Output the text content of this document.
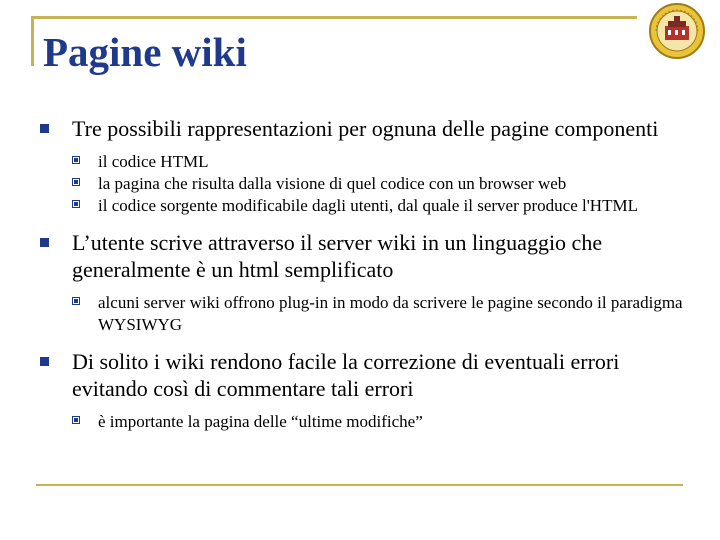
Pagine wiki
Tre possibili rappresentazioni per ognuna delle pagine componenti
il codice HTML
la pagina che risulta dalla visione di quel codice con un browser web
il codice sorgente modificabile dagli utenti, dal quale il server produce l'HTML
L’utente scrive attraverso il server wiki in un linguaggio che generalmente è un html semplificato
alcuni server wiki offrono plug-in in modo da scrivere le pagine secondo il paradigma WYSIWYG
Di solito i wiki rendono facile la correzione di eventuali errori evitando così di commentare tali errori
è importante la pagina delle “ultime modifiche”
